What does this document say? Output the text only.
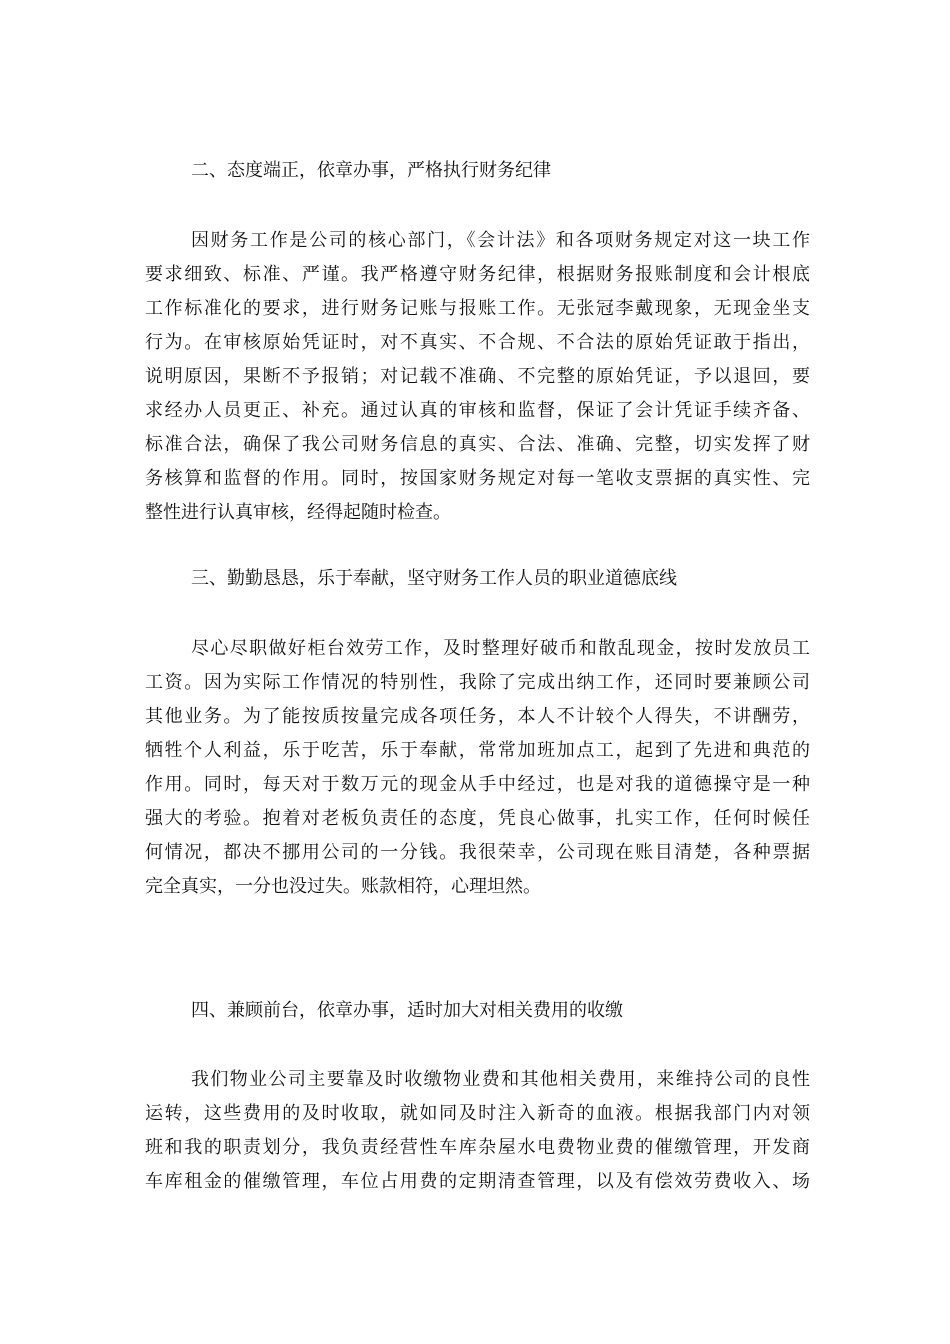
二、态度端正，依章办事，严格执行财务纪律
因财务工作是公司的核心部门，《会计法》和各项财务规定对这一块工作
要求细致、标准、严谨。我严格遵守财务纪律，根据财务报账制度和会计根底
工作标准化的要求，进行财务记账与报账工作。无张冠李戴现象，无现金坐支
行为。在审核原始凭证时，对不真实、不合规、不合法的原始凭证敢于指出，
说明原因，果断不予报销；对记载不准确、不完整的原始凭证，予以退回，要
求经办人员更正、补充。通过认真的审核和监督，保证了会计凭证手续齐备、
标准合法，确保了我公司财务信息的真实、合法、准确、完整，切实发挥了财
务核算和监督的作用。同时，按国家财务规定对每一笔收支票据的真实性、完
整性进行认真审核，经得起随时检查。
三、勤勤恳恳，乐于奉献，坚守财务工作人员的职业道德底线
尽心尽职做好柜台效劳工作，及时整理好破币和散乱现金，按时发放员工
工资。因为实际工作情况的特别性，我除了完成出纳工作，还同时要兼顾公司
其他业务。为了能按质按量完成各项任务，本人不计较个人得失，不讲酬劳，
牺牲个人利益，乐于吃苦，乐于奉献，常常加班加点工，起到了先进和典范的
作用。同时，每天对于数万元的现金从手中经过，也是对我的道德操守是一种
强大的考验。抱着对老板负责任的态度，凭良心做事，扎实工作，任何时候任
何情况，都决不挪用公司的一分钱。我很荣幸，公司现在账目清楚，各种票据
完全真实，一分也没过失。账款相符，心理坦然。
四、兼顾前台，依章办事，适时加大对相关费用的收缴
我们物业公司主要靠及时收缴物业费和其他相关费用，来维持公司的良性
运转，这些费用的及时收取，就如同及时注入新奇的血液。根据我部门内对领
班和我的职责划分，我负责经营性车库杂屋水电费物业费的催缴管理，开发商
车库租金的催缴管理，车位占用费的定期清查管理，以及有偿效劳费收入、场
